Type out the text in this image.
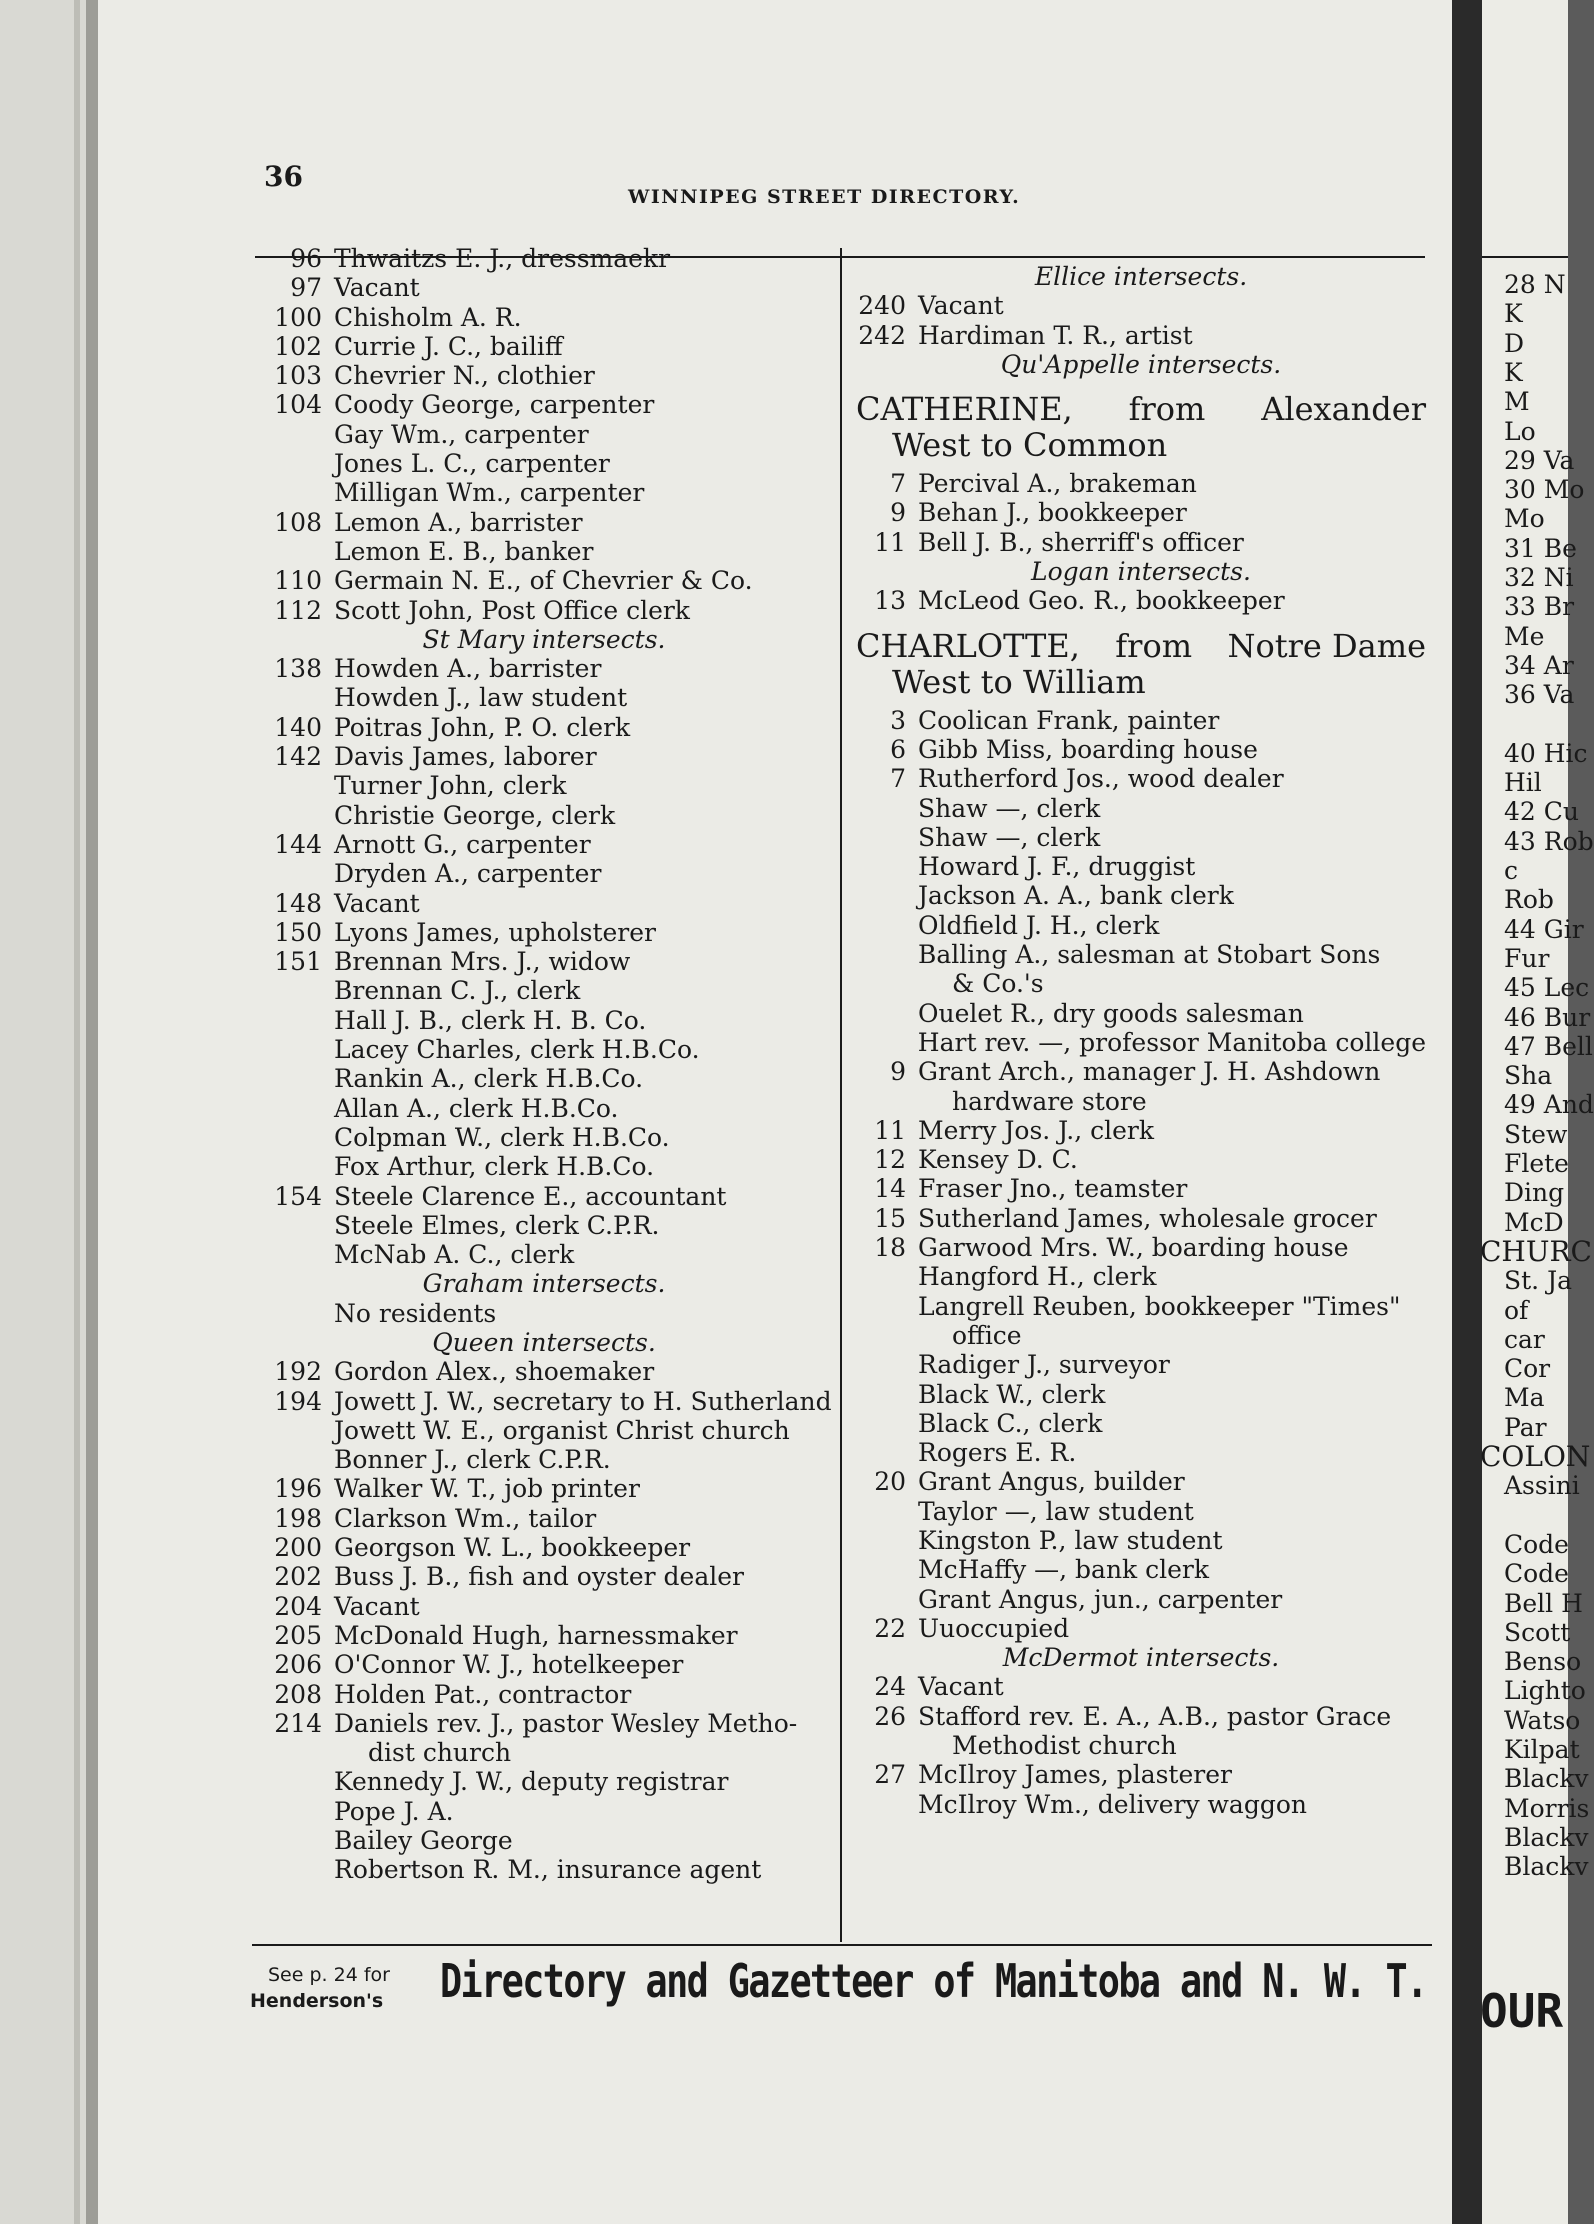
36
WINNIPEG STREET DIRECTORY.
96 Thwaitzs E. J., dressmaekr
97 Vacant
100 Chisholm A. R.
102 Currie J. C., bailiff
103 Chevrier N., clothier
104 Coody George, carpenter
Gay Wm., carpenter
Jones L. C., carpenter
Milligan Wm., carpenter
108 Lemon A., barrister
Lemon E. B., banker
110 Germain N. E., of Chevrier & Co.
112 Scott John, Post Office clerk
St Mary intersects.
138 Howden A., barrister
Howden J., law student
140 Poitras John, P. O. clerk
142 Davis James, laborer
Turner John, clerk
Christie George, clerk
144 Arnott G., carpenter
Dryden A., carpenter
148 Vacant
150 Lyons James, upholsterer
151 Brennan Mrs. J., widow
Brennan C. J., clerk
Hall J. B., clerk H. B. Co.
Lacey Charles, clerk H.B.Co.
Rankin A., clerk H.B.Co.
Allan A., clerk H.B.Co.
Colpman W., clerk H.B.Co.
Fox Arthur, clerk H.B.Co.
154 Steele Clarence E., accountant
Steele Elmes, clerk C.P.R.
McNab A. C., clerk
Graham intersects.
No residents
Queen intersects.
192 Gordon Alex., shoemaker
194 Jowett J. W., secretary to H. Sutherland
Jowett W. E., organist Christ church
Bonner J., clerk C.P.R.
196 Walker W. T., job printer
198 Clarkson Wm., tailor
200 Georgson W. L., bookkeeper
202 Buss J. B., fish and oyster dealer
204 Vacant
205 McDonald Hugh, harnessmaker
206 O'Connor W. J., hotelkeeper
208 Holden Pat., contractor
214 Daniels rev. J., pastor Wesley Metho-
dist church
Kennedy J. W., deputy registrar
Pope J. A.
Bailey George
Robertson R. M., insurance agent
Ellice intersects.
240 Vacant
242 Hardiman T. R., artist
Qu'Appelle intersects.
CATHERINE, from Alexander
West to Common
7 Percival A., brakeman
9 Behan J., bookkeeper
11 Bell J. B., sherriff's officer
Logan intersects.
13 McLeod Geo. R., bookkeeper
CHARLOTTE, from Notre Dame
West to William
3 Coolican Frank, painter
6 Gibb Miss, boarding house
7 Rutherford Jos., wood dealer
Shaw —, clerk
Shaw —, clerk
Howard J. F., druggist
Jackson A. A., bank clerk
Oldfield J. H., clerk
Balling A., salesman at Stobart Sons
& Co.'s
Ouelet R., dry goods salesman
Hart rev. —, professor Manitoba college
9 Grant Arch., manager J. H. Ashdown
hardware store
11 Merry Jos. J., clerk
12 Kensey D. C.
14 Fraser Jno., teamster
15 Sutherland James, wholesale grocer
18 Garwood Mrs. W., boarding house
Hangford H., clerk
Langrell Reuben, bookkeeper "Times"
office
Radiger J., surveyor
Black W., clerk
Black C., clerk
Rogers E. R.
20 Grant Angus, builder
Taylor —, law student
Kingston P., law student
McHaffy —, bank clerk
Grant Angus, jun., carpenter
22 Uuoccupied
McDermot intersects.
24 Vacant
26 Stafford rev. E. A., A.B., pastor Grace
Methodist church
27 McIlroy James, plasterer
McIlroy Wm., delivery waggon
See p. 24 for
Henderson's Directory and Gazetteer of Manitoba and N. W. T.
OUR
28 N
K
D
K
M
Lo
29 Va
30 Mo
Mo
31 Be
32 Ni
33 Br
Me
34 Ar
36 Va
40 Hic
Hil
42 Cu
43 Rob
c
Rob
44 Gir
Fur
45 Lec
46 Bur
47 Bell
Sha
49 And
Stew
Flete
Ding
McD
CHURC
St. Ja
of
car
Cor
Ma
Par
COLON
Assini
Code
Code
Bell H
Scott
Benso
Lighto
Watso
Kilpat
Blackv
Morris
Blackv
Blackv
